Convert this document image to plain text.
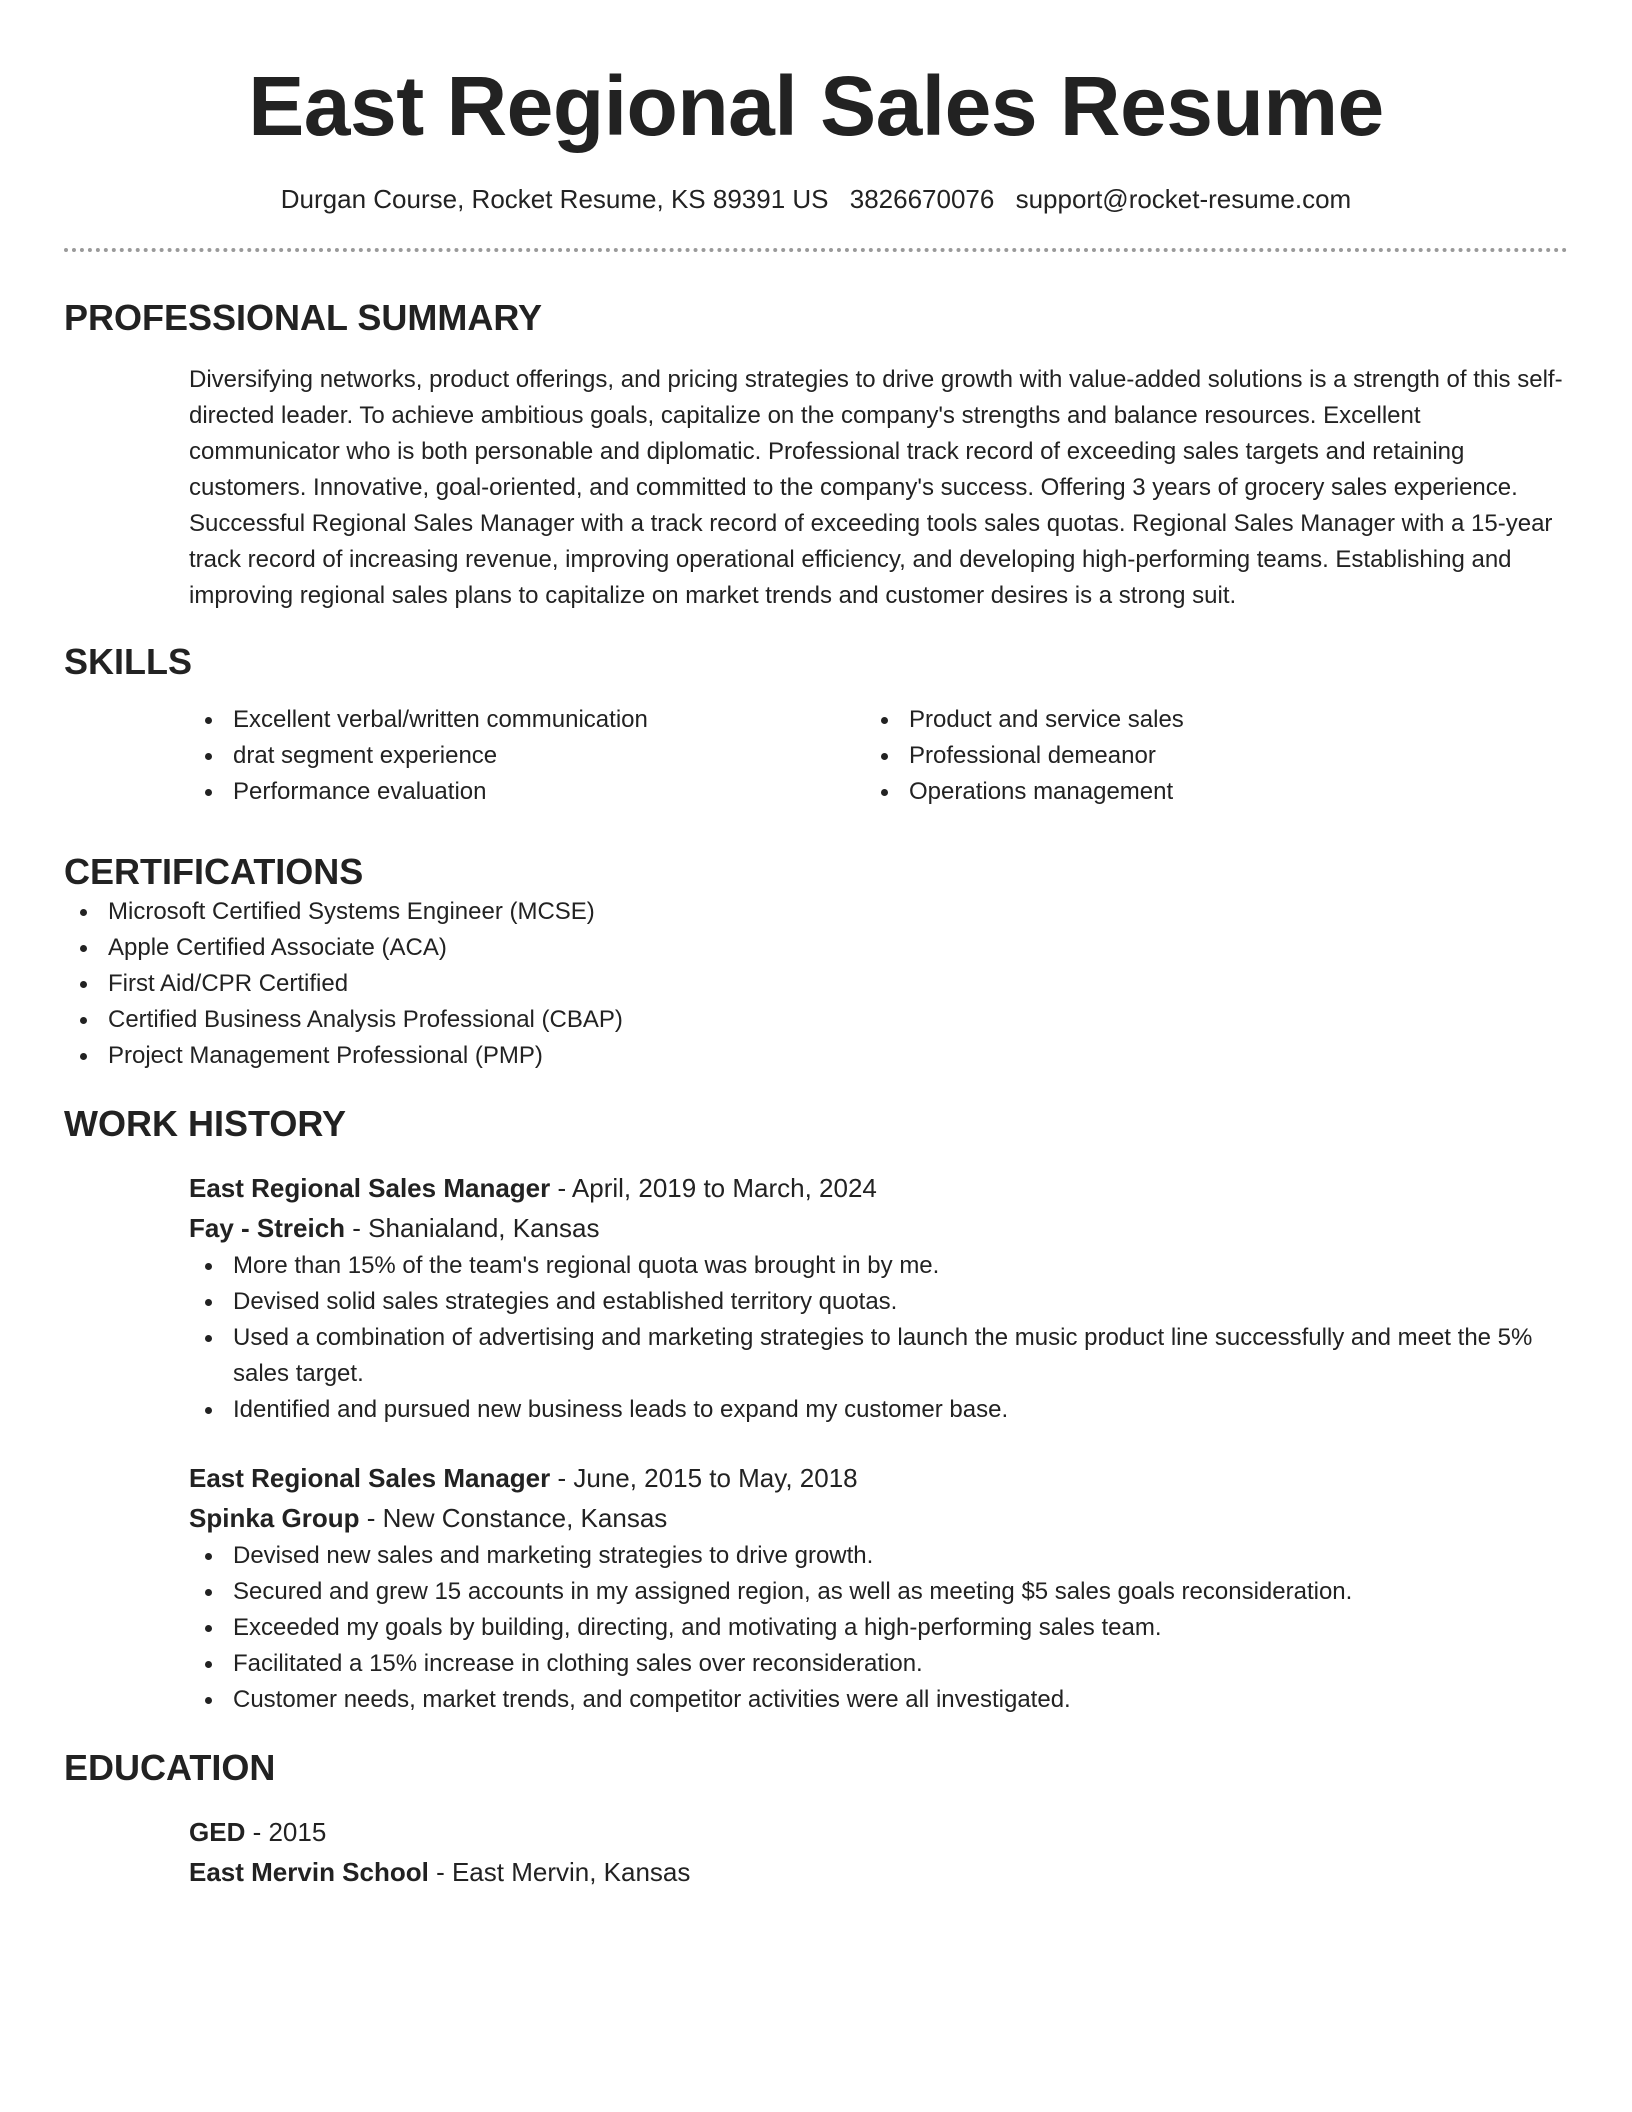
East Regional Sales Resume
Durgan Course, Rocket Resume, KS 89391 US 3826670076 support@rocket-resume.com
PROFESSIONAL SUMMARY

Diversifying networks, product offerings, and pricing strategies to drive growth with value-added solutions is a strength of this self-directed leader. To achieve ambitious goals, capitalize on the company's strengths and balance resources. Excellent communicator who is both personable and diplomatic. Professional track record of exceeding sales targets and retaining customers. Innovative, goal-oriented, and committed to the company's success. Offering 3 years of grocery sales experience. Successful Regional Sales Manager with a track record of exceeding tools sales quotas. Regional Sales Manager with a 15-year track record of increasing revenue, improving operational efficiency, and developing high-performing teams. Establishing and improving regional sales plans to capitalize on market trends and customer desires is a strong suit.

SKILLS
Excellent verbal/written communication
drat segment experience
Performance evaluation
Product and service sales
Professional demeanor
Operations management
CERTIFICATIONS
Microsoft Certified Systems Engineer (MCSE)
Apple Certified Associate (ACA)
First Aid/CPR Certified
Certified Business Analysis Professional (CBAP)
Project Management Professional (PMP)
WORK HISTORY
East Regional Sales Manager - April, 2019 to March, 2024
Fay - Streich - Shanialand, Kansas
More than 15% of the team's regional quota was brought in by me.
Devised solid sales strategies and established territory quotas.
Used a combination of advertising and marketing strategies to launch the music product line successfully and meet the 5% sales target.
Identified and pursued new business leads to expand my customer base.
East Regional Sales Manager - June, 2015 to May, 2018
Spinka Group - New Constance, Kansas
Devised new sales and marketing strategies to drive growth.
Secured and grew 15 accounts in my assigned region, as well as meeting $5 sales goals reconsideration.
Exceeded my goals by building, directing, and motivating a high-performing sales team.
Facilitated a 15% increase in clothing sales over reconsideration.
Customer needs, market trends, and competitor activities were all investigated.
EDUCATION
GED - 2015
East Mervin School - East Mervin, Kansas
